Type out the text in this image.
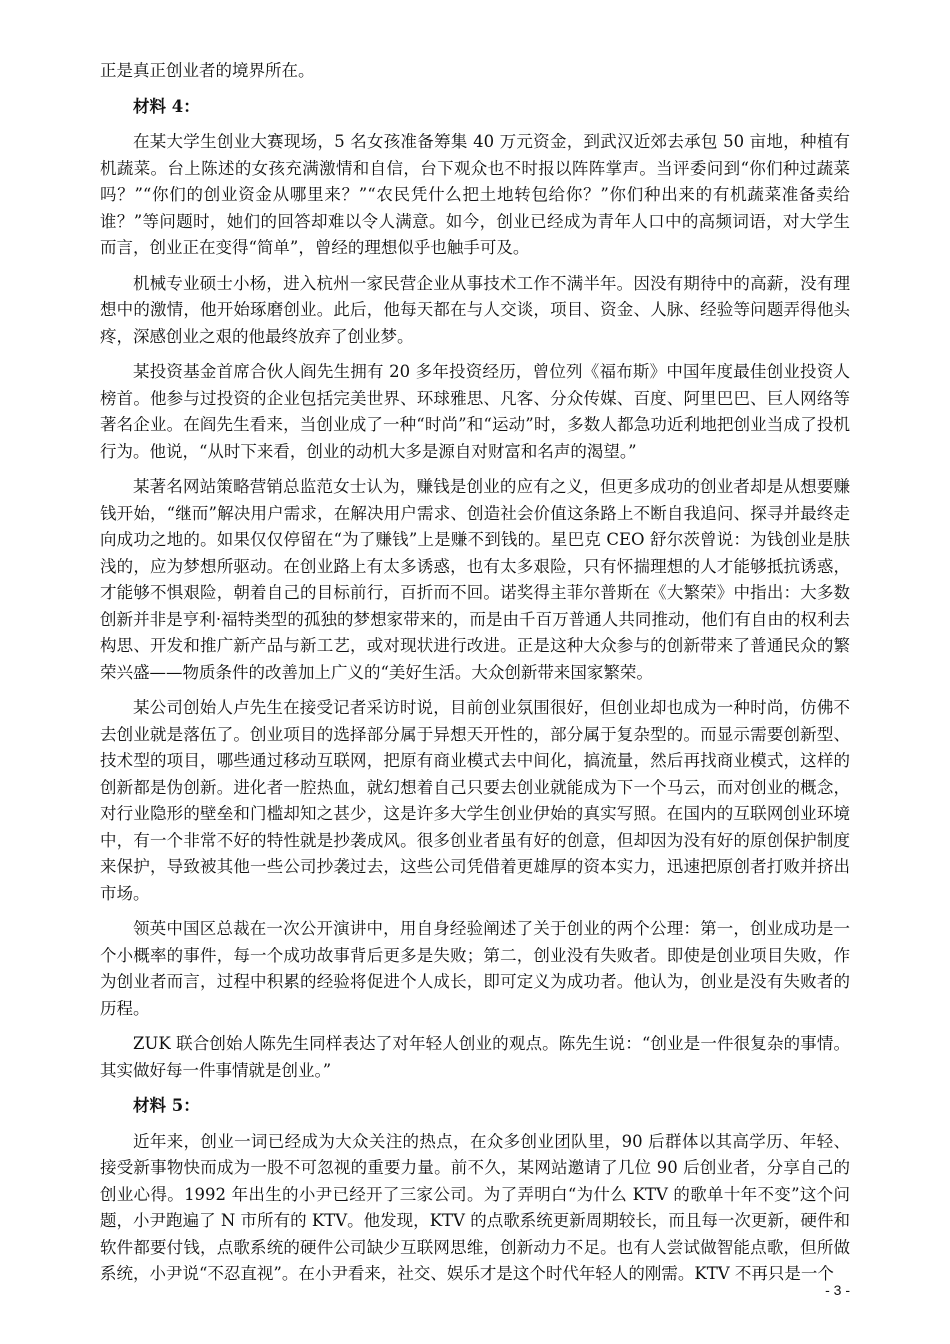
正是真正创业者的境界所在。

材料 4：

在某大学生创业大赛现场，5 名女孩准备筹集 40 万元资金，到武汉近郊去承包 50 亩地，种植有机蔬菜。台上陈述的女孩充满激情和自信，台下观众也不时报以阵阵掌声。当评委问到“你们种过蔬菜吗？”“你们的创业资金从哪里来？”“农民凭什么把土地转包给你？”你们种出来的有机蔬菜准备卖给谁？”等问题时，她们的回答却难以令人满意。如今，创业已经成为青年人口中的高频词语，对大学生而言，创业正在变得“简单”，曾经的理想似乎也触手可及。

机械专业硕士小杨，进入杭州一家民营企业从事技术工作不满半年。因没有期待中的高薪，没有理想中的激情，他开始琢磨创业。此后，他每天都在与人交谈，项目、资金、人脉、经验等问题弄得他头疼，深感创业之艰的他最终放弃了创业梦。

某投资基金首席合伙人阎先生拥有 20 多年投资经历，曾位列《福布斯》中国年度最佳创业投资人榜首。他参与过投资的企业包括完美世界、环球雅思、凡客、分众传媒、百度、阿里巴巴、巨人网络等著名企业。在阎先生看来，当创业成了一种“时尚”和“运动”时，多数人都急功近利地把创业当成了投机行为。他说，“从时下来看，创业的动机大多是源自对财富和名声的渴望。”

某著名网站策略营销总监范女士认为，赚钱是创业的应有之义，但更多成功的创业者却是从想要赚钱开始，“继而”解决用户需求，在解决用户需求、创造社会价值这条路上不断自我追问、探寻并最终走向成功之地的。如果仅仅停留在“为了赚钱”上是赚不到钱的。星巴克 CEO 舒尔茨曾说：为钱创业是肤浅的，应为梦想所驱动。在创业路上有太多诱惑，也有太多艰险，只有怀揣理想的人才能够抵抗诱惑，才能够不惧艰险，朝着自己的目标前行，百折而不回。诺奖得主菲尔普斯在《大繁荣》中指出：大多数创新并非是亨利·福特类型的孤独的梦想家带来的，而是由千百万普通人共同推动，他们有自由的权利去构思、开发和推广新产品与新工艺，或对现状进行改进。正是这种大众参与的创新带来了普通民众的繁荣兴盛——物质条件的改善加上广义的“美好生活。大众创新带来国家繁荣。

某公司创始人卢先生在接受记者采访时说，目前创业氛围很好，但创业却也成为一种时尚，仿佛不去创业就是落伍了。创业项目的选择部分属于异想天开性的，部分属于复杂型的。而显示需要创新型、技术型的项目，哪些通过移动互联网，把原有商业模式去中间化，搞流量，然后再找商业模式，这样的创新都是伪创新。进化者一腔热血，就幻想着自己只要去创业就能成为下一个马云，而对创业的概念，对行业隐形的壁垒和门槛却知之甚少，这是许多大学生创业伊始的真实写照。在国内的互联网创业环境中，有一个非常不好的特性就是抄袭成风。很多创业者虽有好的创意，但却因为没有好的原创保护制度来保护，导致被其他一些公司抄袭过去，这些公司凭借着更雄厚的资本实力，迅速把原创者打败并挤出市场。

领英中国区总裁在一次公开演讲中，用自身经验阐述了关于创业的两个公理：第一，创业成功是一个小概率的事件，每一个成功故事背后更多是失败；第二，创业没有失败者。即使是创业项目失败，作为创业者而言，过程中积累的经验将促进个人成长，即可定义为成功者。他认为，创业是没有失败者的历程。

ZUK 联合创始人陈先生同样表达了对年轻人创业的观点。陈先生说：“创业是一件很复杂的事情。其实做好每一件事情就是创业。”

材料 5：

近年来，创业一词已经成为大众关注的热点，在众多创业团队里，90 后群体以其高学历、年轻、接受新事物快而成为一股不可忽视的重要力量。前不久，某网站邀请了几位 90 后创业者，分享自己的创业心得。1992 年出生的小尹已经开了三家公司。为了弄明白“为什么 KTV 的歌单十年不变”这个问题，小尹跑遍了 N 市所有的 KTV。他发现，KTV 的点歌系统更新周期较长，而且每一次更新，硬件和软件都要付钱，点歌系统的硬件公司缺少互联网思维，创新动力不足。也有人尝试做智能点歌，但所做系统，小尹说“不忍直视”。在小尹看来，社交、娱乐才是这个时代年轻人的刚需。KTV 不再只是一个

- 3 -
